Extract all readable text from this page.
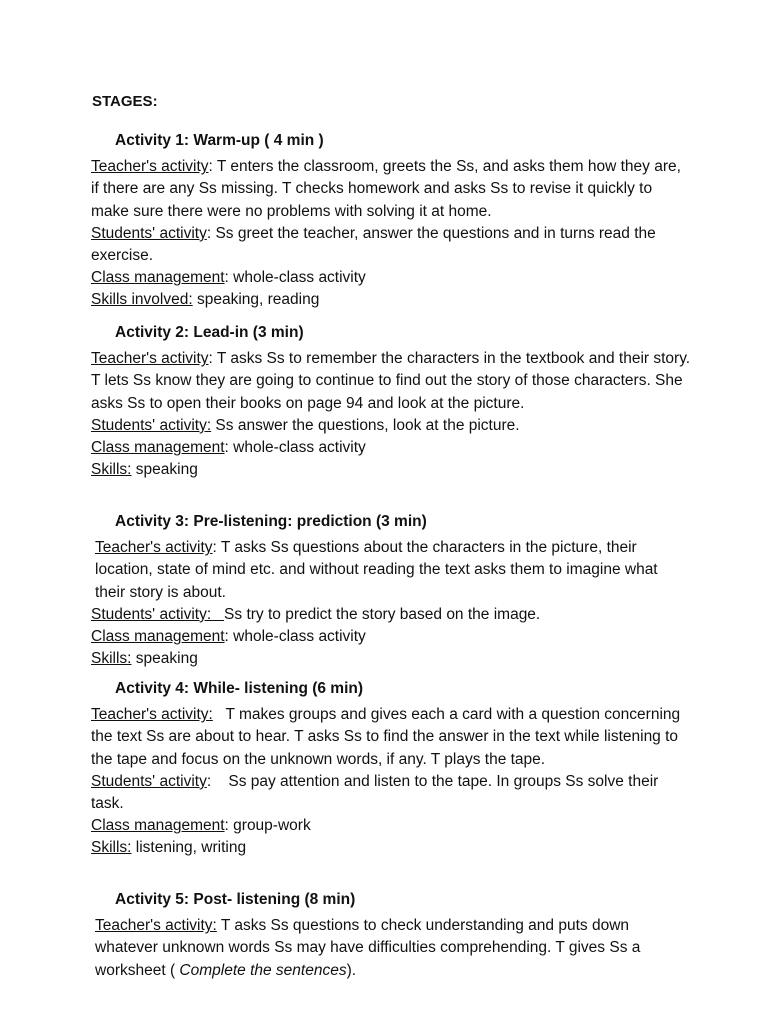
STAGES:
Activity 1: Warm-up ( 4 min )

Teacher's activity: T enters the classroom, greets the Ss, and asks them how they are, if there are any Ss missing. T checks homework and asks Ss to revise it quickly to make sure there were no problems with solving it at home.

Students' activity: Ss greet the teacher, answer the questions and in turns read the exercise.

Class management: whole-class activity

Skills involved: speaking, reading

Activity 2: Lead-in (3 min)

Teacher's activity: T asks Ss to remember the characters in the textbook and their story. T lets Ss know they are going to continue to find out the story of those characters. She asks Ss to open their books on page 94 and look at the picture.

Students' activity: Ss answer the questions, look at the picture.

Class management: whole-class activity

Skills: speaking

Activity 3: Pre-listening: prediction (3 min)

Teacher's activity: T asks Ss questions about the characters in the picture, their location, state of mind etc. and without reading the text asks them to imagine what their story is about.

Students' activity:   Ss try to predict the story based on the image.

Class management: whole-class activity

Skills: speaking

Activity 4: While- listening (6 min)

Teacher's activity:   T makes groups and gives each a card with a question concerning the text Ss are about to hear. T asks Ss to find the answer in the text while listening to the tape and focus on the unknown words, if any. T plays the tape.

Students' activity:    Ss pay attention and listen to the tape. In groups Ss solve their task.

Class management: group-work

Skills: listening, writing

Activity 5: Post- listening (8 min)

Teacher's activity: T asks Ss questions to check understanding and puts down whatever unknown words Ss may have difficulties comprehending. T gives Ss a worksheet ( Complete the sentences).
